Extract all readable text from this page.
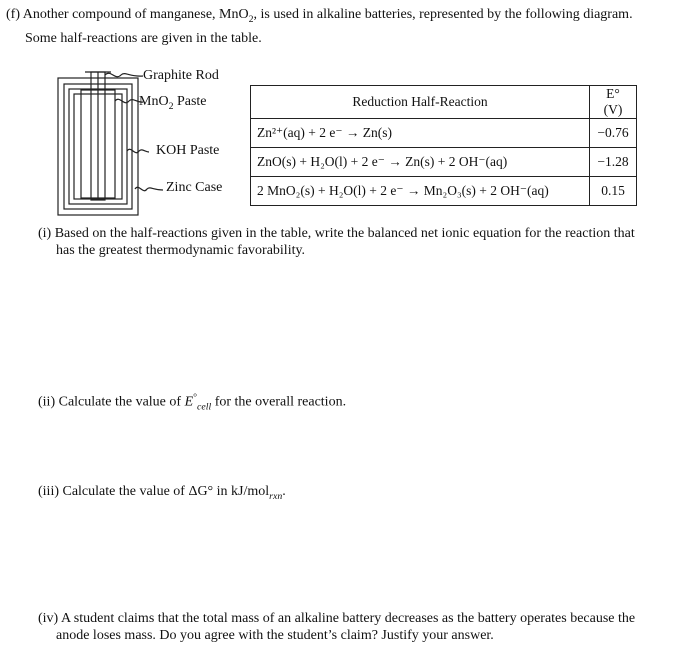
(f) Another compound of manganese, MnO$_2$, is used in alkaline batteries, represented by the following diagram.
Some half-reactions are given in the table.
Graphite Rod
MnO$_2$ Paste
KOH Paste
Zinc Case
Reduction Half-Reaction	E° (V)
Zn²⁺(aq) + 2 e⁻ → Zn(s)	−0.76
ZnO(s) + H₂O(l) + 2 e⁻ → Zn(s) + 2 OH⁻(aq)	−1.28
2 MnO₂(s) + H₂O(l) + 2 e⁻ → Mn₂O₃(s) + 2 OH⁻(aq)	0.15
(i) Based on the half-reactions given in the table, write the balanced net ionic equation for the reaction that
has the greatest thermodynamic favorability.
(ii) Calculate the value of $E^\circ_{cell}$ for the overall reaction.
(iii) Calculate the value of ΔG° in kJ/mol$_{rxn}$.
(iv) A student claims that the total mass of an alkaline battery decreases as the battery operates because the
anode loses mass. Do you agree with the student’s claim? Justify your answer.
